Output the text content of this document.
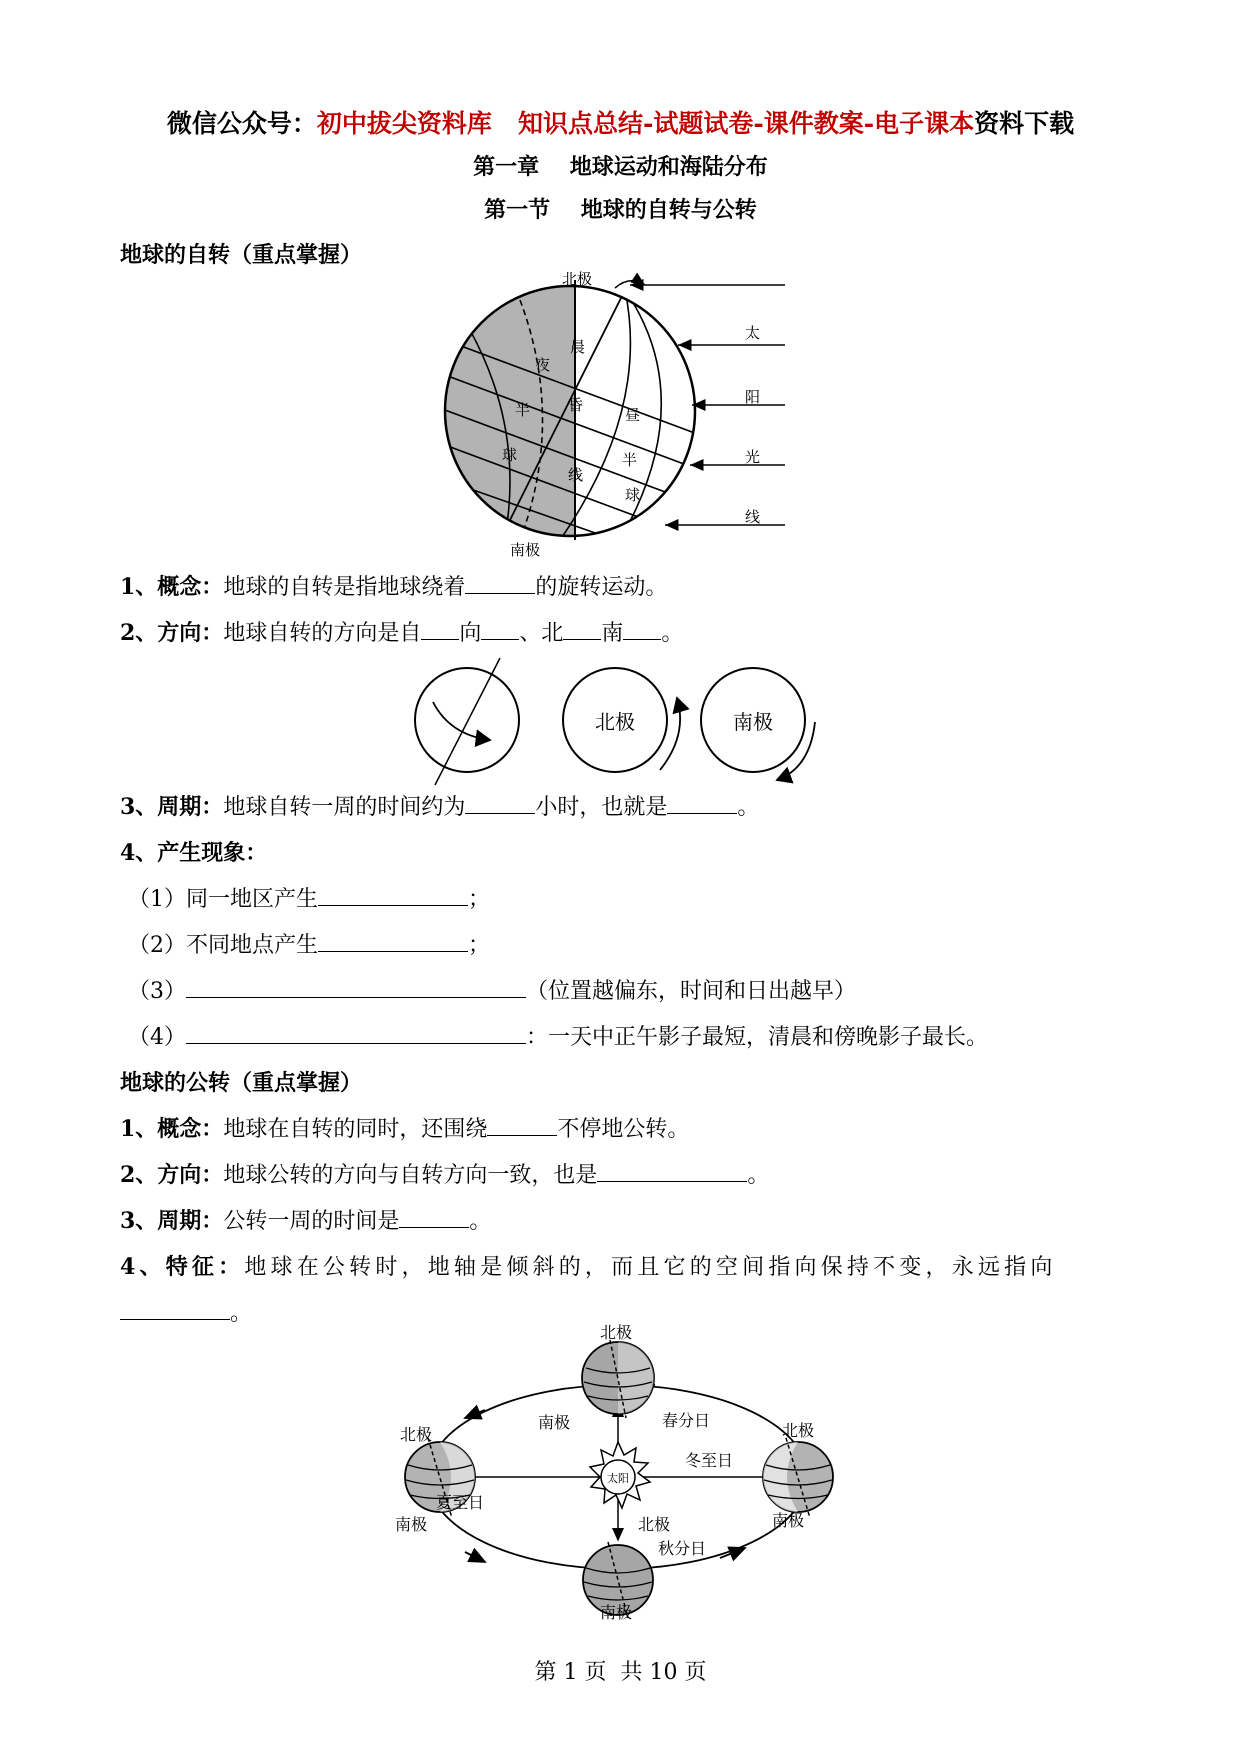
微信公众号：初中拔尖资料库   知识点总结-试题试卷-课件教案-电子课本资料下载
第一章    地球运动和海陆分布
第一节    地球的自转与公转
地球的自转（重点掌握）
北极
南极
夜
半
球
晨
昏
线
昼
半
球
太
阳
光
线
1、概念：地球的自转是指地球绕着	的旋转运动。
2、方向：地球自转的方向是自 向 、北 南 。
北极	南极
3、周期：地球自转一周的时间约为	小时，也就是	。
4、产生现象：
（1）同一地区产生	；
（2）不同地点产生	；
（3）	（位置越偏东，时间和日出越早）
（4）	：一天中正午影子最短，清晨和傍晚影子最长。
地球的公转（重点掌握）
1、概念：地球在自转的同时，还围绕	不停地公转。
2、方向：地球公转的方向与自转方向一致，也是	。
3、周期：公转一周的时间是	。
4、特征：地球在公转时，地轴是倾斜的，而且它的空间指向保持不变，永远指向
。
太阳
北极
南极	春分日
北极
夏至日
南极
北极
冬至日
南极
北极
秋分日
南极
第 1 页  共 10 页
